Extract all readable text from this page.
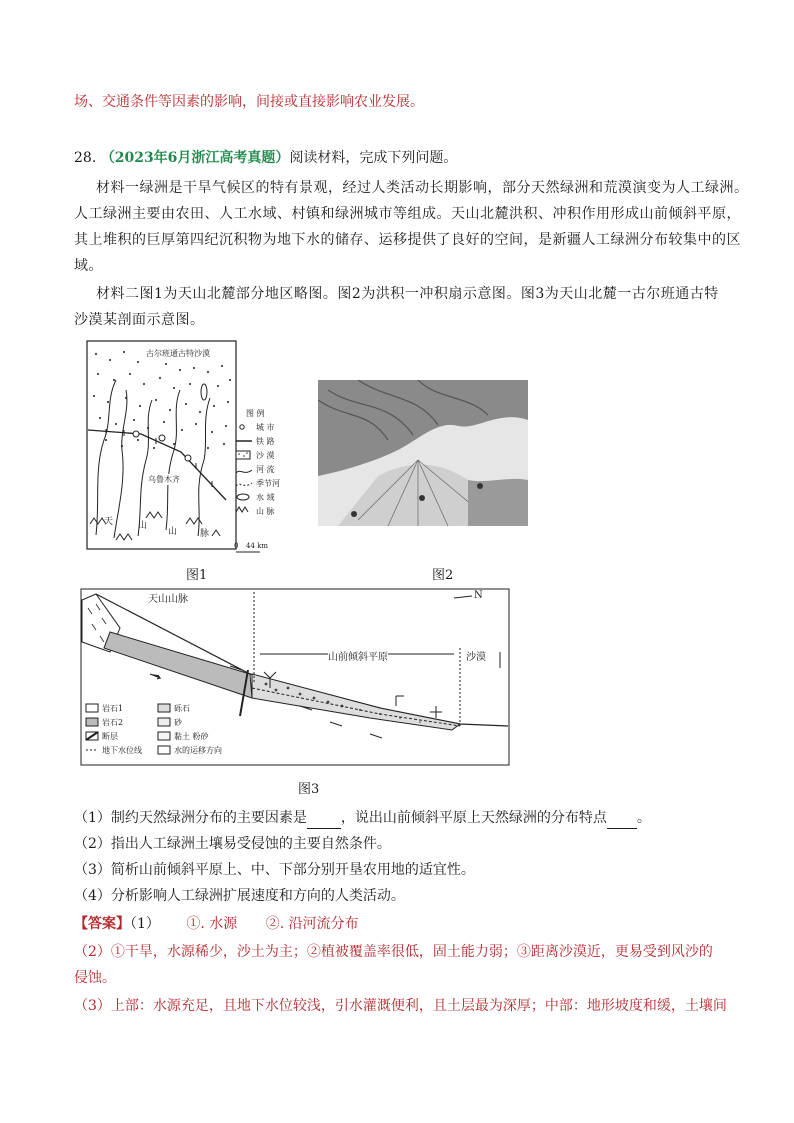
场、交通条件等因素的影响，间接或直接影响农业发展。
28. （2023年6月浙江高考真题）阅读材料，完成下列问题。
材料一绿洲是干旱气候区的特有景观，经过人类活动长期影响，部分天然绿洲和荒漠演变为人工绿洲。
人工绿洲主要由农田、人工水域、村镇和绿洲城市等组成。天山北麓洪积、冲积作用形成山前倾斜平原，
其上堆积的巨厚第四纪沉积物为地下水的储存、运移提供了良好的空间，是新疆人工绿洲分布较集中的区
域。
材料二图1为天山北麓部分地区略图。图2为洪积一冲积扇示意图。图3为天山北麓一古尔班通古特
沙漠某剖面示意图。
古尔班通古特沙漠
乌鲁木齐
天	山
山	脉
0 44 km
图 例
城 市
铁 路
沙 漠
河 流
季节河
水 域
山 脉
图1	图2
天山山脉	N
山前倾斜平原	沙漠
岩石1
岩石2
断层
地下水位线
砾石
砂
黏土 粉砂
水的运移方向
图3
（1）制约天然绿洲分布的主要因素是 ，说出山前倾斜平原上天然绿洲的分布特点 。
（2）指出人工绿洲土壤易受侵蚀的主要自然条件。
（3）简析山前倾斜平原上、中、下部分别开垦农用地的适宜性。
（4）分析影响人工绿洲扩展速度和方向的人类活动。
【答案】（1） ①. 水源 ②. 沿河流分布
（2）①干旱，水源稀少，沙土为主；②植被覆盖率很低，固土能力弱；③距离沙漠近，更易受到风沙的
侵蚀。
（3）上部：水源充足，且地下水位较浅，引水灌溉便利，且土层最为深厚；中部：地形坡度和缓，土壤间
